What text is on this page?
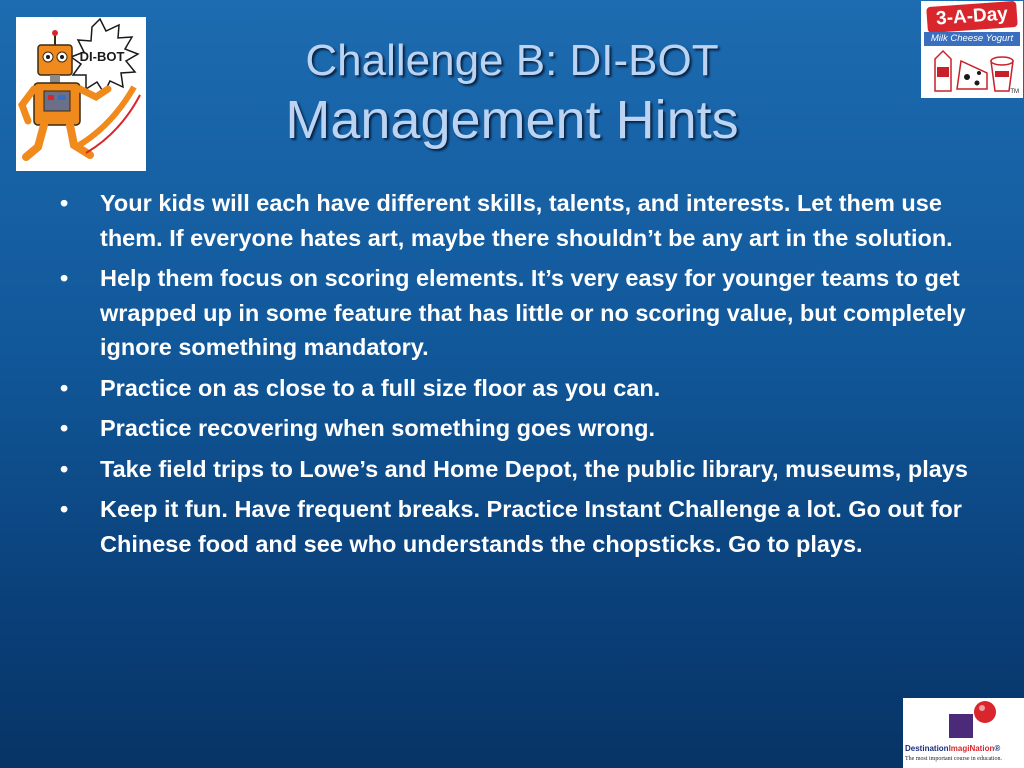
DI-BOT	Challenge B: DI-BOT
Management Hints
3-A-Day
Milk Cheese Yogurt
TM
•	Your kids will each have different skills, talents, and interests. Let them use them. If everyone hates art, maybe there shouldn’t be any art in the solution.
•	Help them focus on scoring elements. It’s very easy for younger teams to get wrapped up in some feature that has little or no scoring value, but completely ignore something mandatory.
•	Practice on as close to a full size floor as you can.
•	Practice recovering when something goes wrong.
•	Take field trips to Lowe’s and Home Depot, the public library, museums, plays
•	Keep it fun. Have frequent breaks. Practice Instant Challenge a lot. Go out for Chinese food and see who understands the chopsticks. Go to plays.
DestinationImagiNation®
The most important course in education.
